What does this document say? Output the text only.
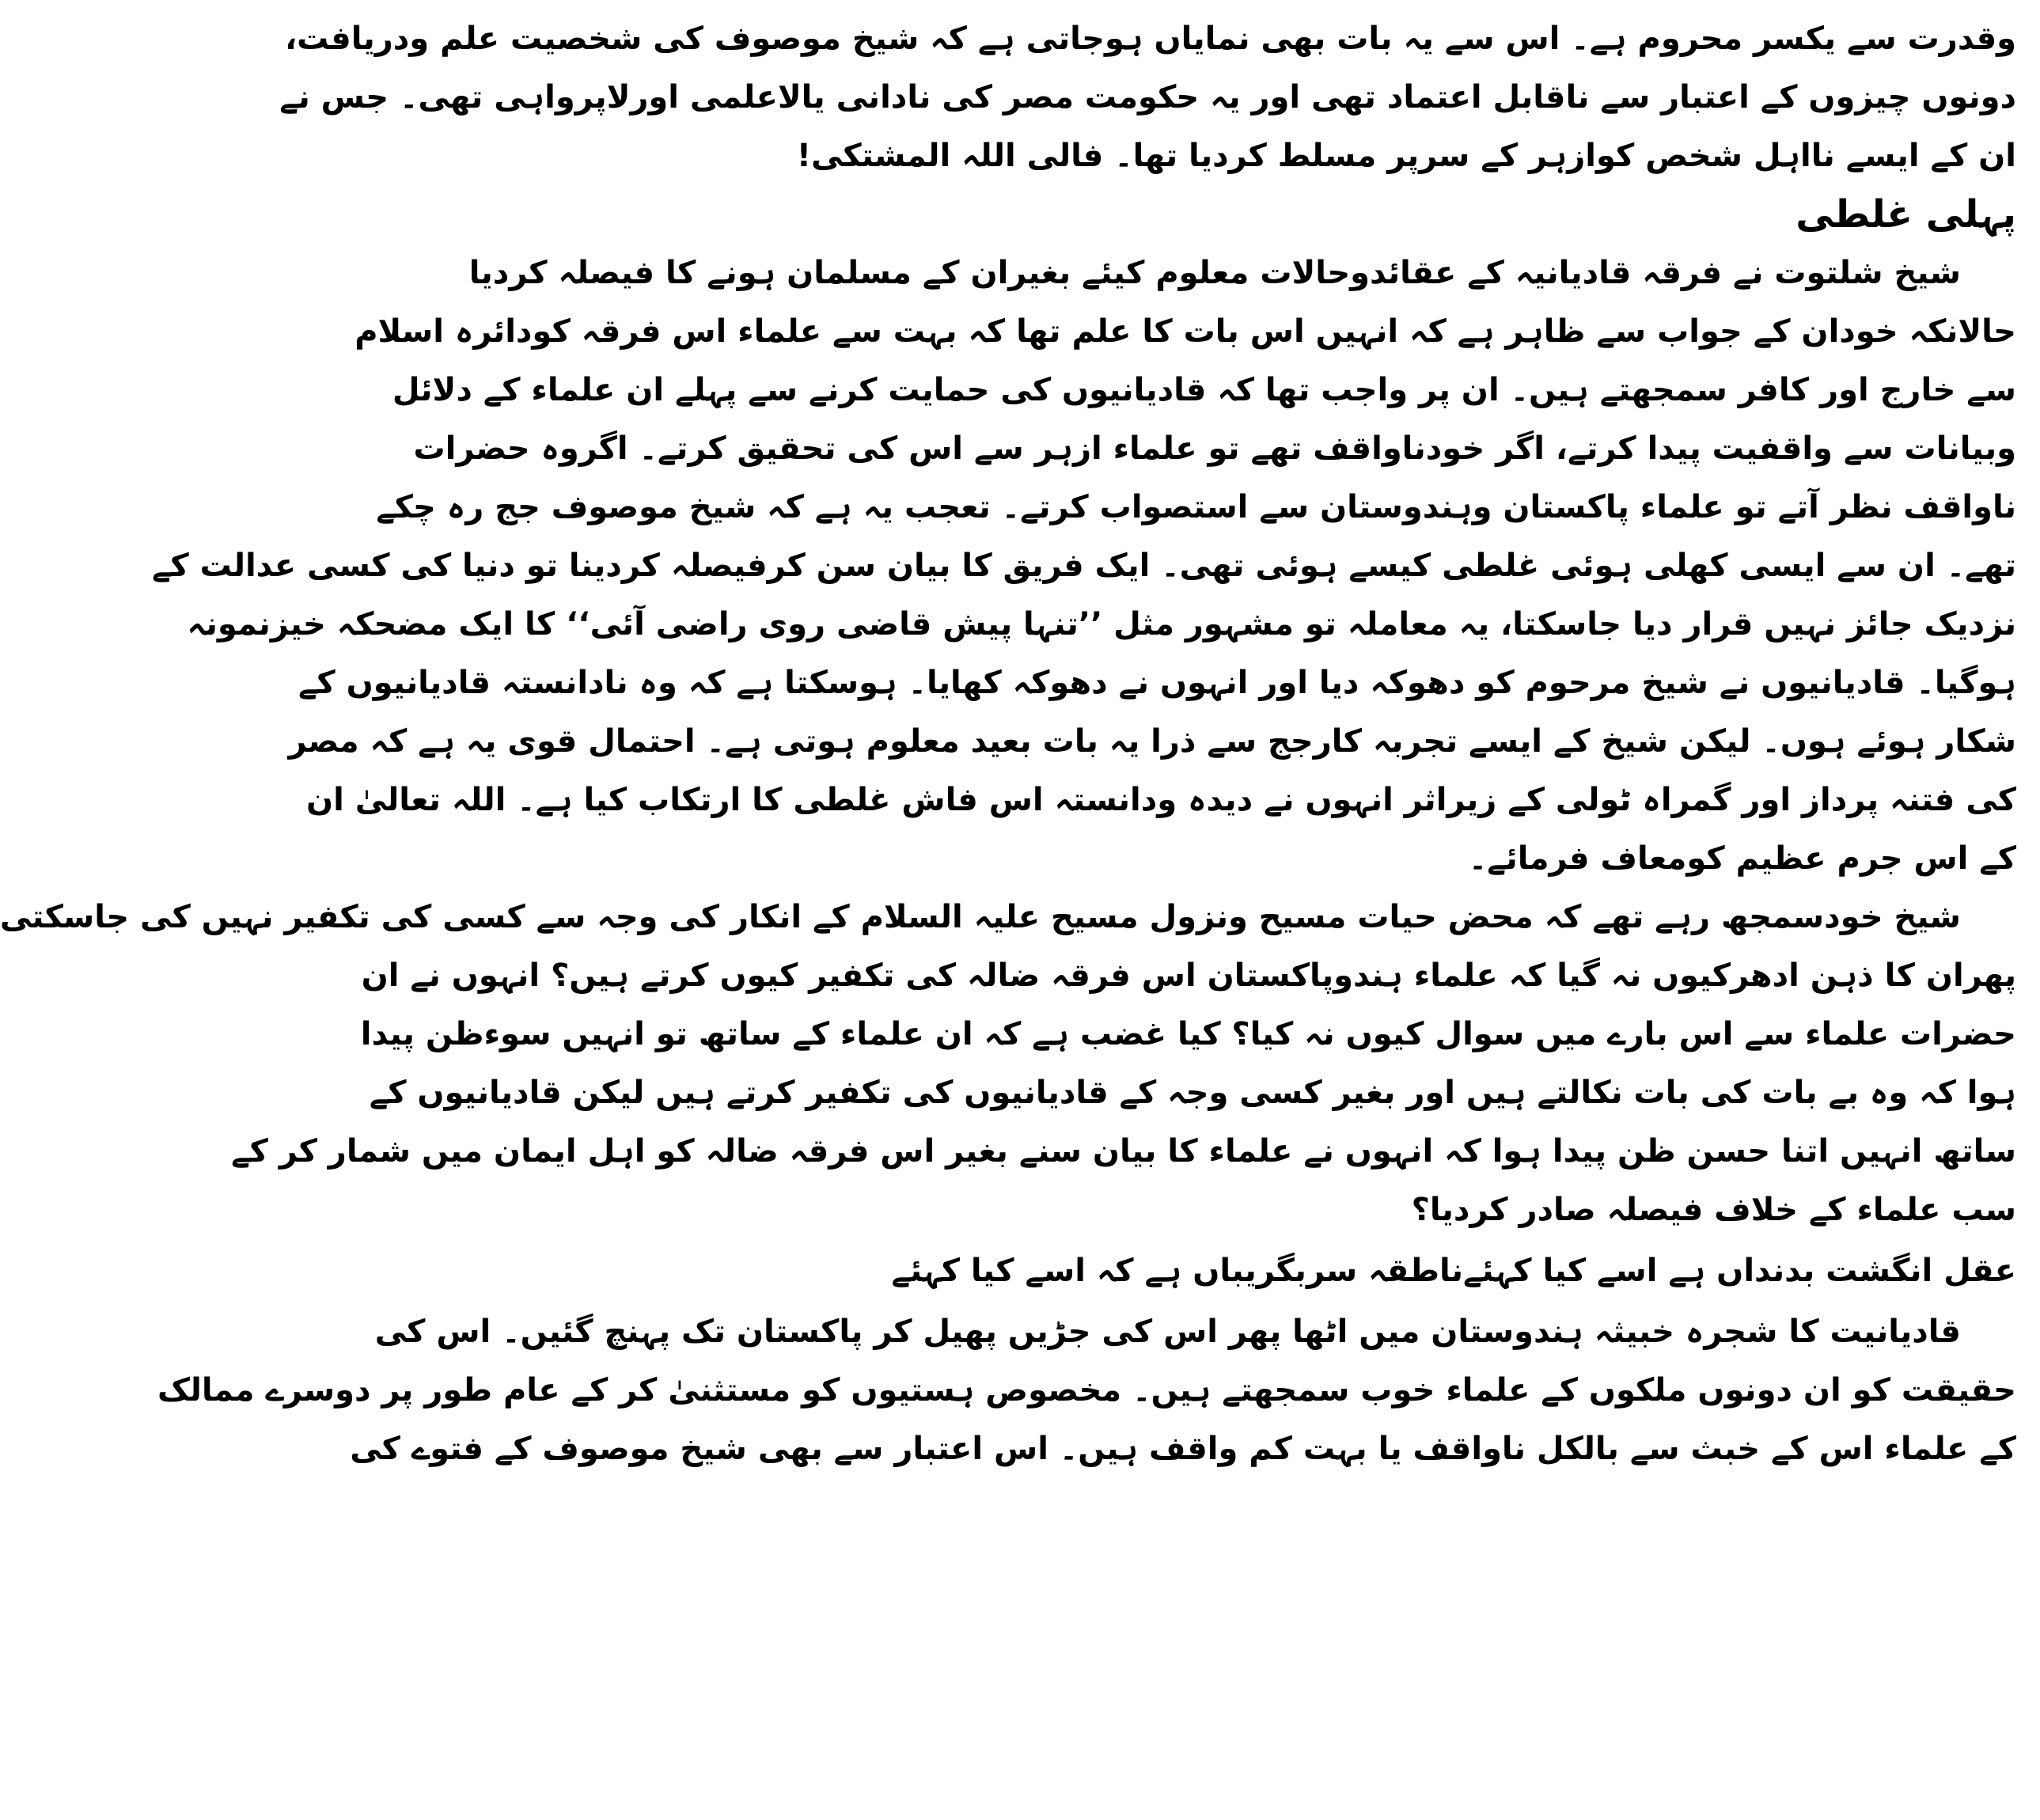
وقدرت سے یکسر محروم ہے۔ اس سے یہ بات بھی نمایاں ہوجاتی ہے کہ شیخ موصوف کی شخصیت علم ودریافت،
دونوں چیزوں کے اعتبار سے ناقابل اعتماد تھی اور یہ حکومت مصر کی نادانی یالاعلمی اورلاپرواہی تھی۔ جس نے
ان کے ایسے نااہل شخص کوازہر کے سرپر مسلط کردیا تھا۔ فالی اللہ المشتکی!
پہلی غلطی
شیخ شلتوت نے فرقہ قادیانیہ کے عقائدوحالات معلوم کیئے بغیران کے مسلمان ہونے کا فیصلہ کردیا
حالانکہ خودان کے جواب سے ظاہر ہے کہ انہیں اس بات کا علم تھا کہ بہت سے علماء اس فرقہ کودائرہ اسلام
سے خارج اور کافر سمجھتے ہیں۔ ان پر واجب تھا کہ قادیانیوں کی حمایت کرنے سے پہلے ان علماء کے دلائل
وبیانات سے واقفیت پیدا کرتے، اگر خودناواقف تھے تو علماء ازہر سے اس کی تحقیق کرتے۔ اگروہ حضرات
ناواقف نظر آتے تو علماء پاکستان وہندوستان سے استصواب کرتے۔ تعجب یہ ہے کہ شیخ موصوف جج رہ چکے
تھے۔ ان سے ایسی کھلی ہوئی غلطی کیسے ہوئی تھی۔ ایک فریق کا بیان سن کرفیصلہ کردینا تو دنیا کی کسی عدالت کے
نزدیک جائز نہیں قرار دیا جاسکتا، یہ معاملہ تو مشہور مثل ’’تنہا پیش قاضی روی راضی آئی‘‘ کا ایک مضحکہ خیزنمونہ
ہوگیا۔ قادیانیوں نے شیخ مرحوم کو دھوکہ دیا اور انہوں نے دھوکہ کھایا۔ ہوسکتا ہے کہ وہ نادانستہ قادیانیوں کے
شکار ہوئے ہوں۔ لیکن شیخ کے ایسے تجربہ کارجج سے ذرا یہ بات بعید معلوم ہوتی ہے۔ احتمال قوی یہ ہے کہ مصر
کی فتنہ پرداز اور گمراہ ٹولی کے زیراثر انہوں نے دیدہ ودانستہ اس فاش غلطی کا ارتکاب کیا ہے۔ اللہ تعالیٰ ان
کے اس جرم عظیم کومعاف فرمائے۔
شیخ خودسمجھ رہے تھے کہ محض حیات مسیح ونزول مسیح علیہ السلام کے انکار کی وجہ سے کسی کی تکفیر نہیں کی جاسکتی
پھران کا ذہن ادھرکیوں نہ گیا کہ علماء ہندوپاکستان اس فرقہ ضالہ کی تکفیر کیوں کرتے ہیں؟ انہوں نے ان
حضرات علماء سے اس بارے میں سوال کیوں نہ کیا؟ کیا غضب ہے کہ ان علماء کے ساتھ تو انہیں سوءظن پیدا
ہوا کہ وہ بے بات کی بات نکالتے ہیں اور بغیر کسی وجہ کے قادیانیوں کی تکفیر کرتے ہیں لیکن قادیانیوں کے
ساتھ انہیں اتنا حسن ظن پیدا ہوا کہ انہوں نے علماء کا بیان سنے بغیر اس فرقہ ضالہ کو اہل ایمان میں شمار کر کے
سب علماء کے خلاف فیصلہ صادر کردیا؟
عقل انگشت بدنداں ہے اسے کیا کہئے
ناطقہ سربگریباں ہے کہ اسے کیا کہئے
قادیانیت کا شجرہ خبیثہ ہندوستان میں اٹھا پھر اس کی جڑیں پھیل کر پاکستان تک پہنچ گئیں۔ اس کی
حقیقت کو ان دونوں ملکوں کے علماء خوب سمجھتے ہیں۔ مخصوص ہستیوں کو مستثنیٰ کر کے عام طور پر دوسرے ممالک
کے علماء اس کے خبث سے بالکل ناواقف یا بہت کم واقف ہیں۔ اس اعتبار سے بھی شیخ موصوف کے فتوے کی
